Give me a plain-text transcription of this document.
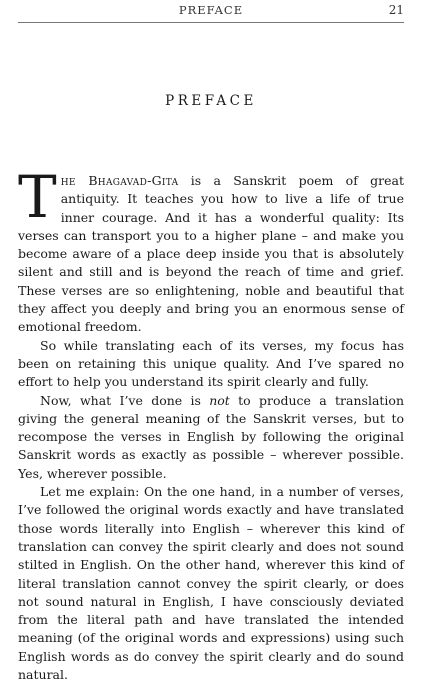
PREFACE	21
PREFACE

The Bhagavad-Gita is a Sanskrit poem of great antiquity. It teaches you how to live a life of true inner courage. And it has a wonderful quality: Its verses can transport you to a higher plane – and make you become aware of a place deep inside you that is absolutely silent and still and is beyond the reach of time and grief. These verses are so enlightening, noble and beautiful that they affect you deeply and bring you an enormous sense of emotional freedom.

So while translating each of its verses, my focus has been on retaining this unique quality. And I’ve spared no effort to help you understand its spirit clearly and fully.

Now, what I’ve done is not to produce a translation giving the general meaning of the Sanskrit verses, but to recompose the verses in English by following the original Sanskrit words as exactly as possible – wherever possible. Yes, wherever possible.

Let me explain: On the one hand, in a number of verses, I’ve followed the original words exactly and have translated those words literally into English – wherever this kind of translation can convey the spirit clearly and does not sound stilted in English. On the other hand, wherever this kind of literal translation cannot convey the spirit clearly, or does not sound natural in English, I have consciously deviated from the literal path and have translated the intended meaning (of the original words and expressions) using such English words as do convey the spirit clearly and do sound natural.
